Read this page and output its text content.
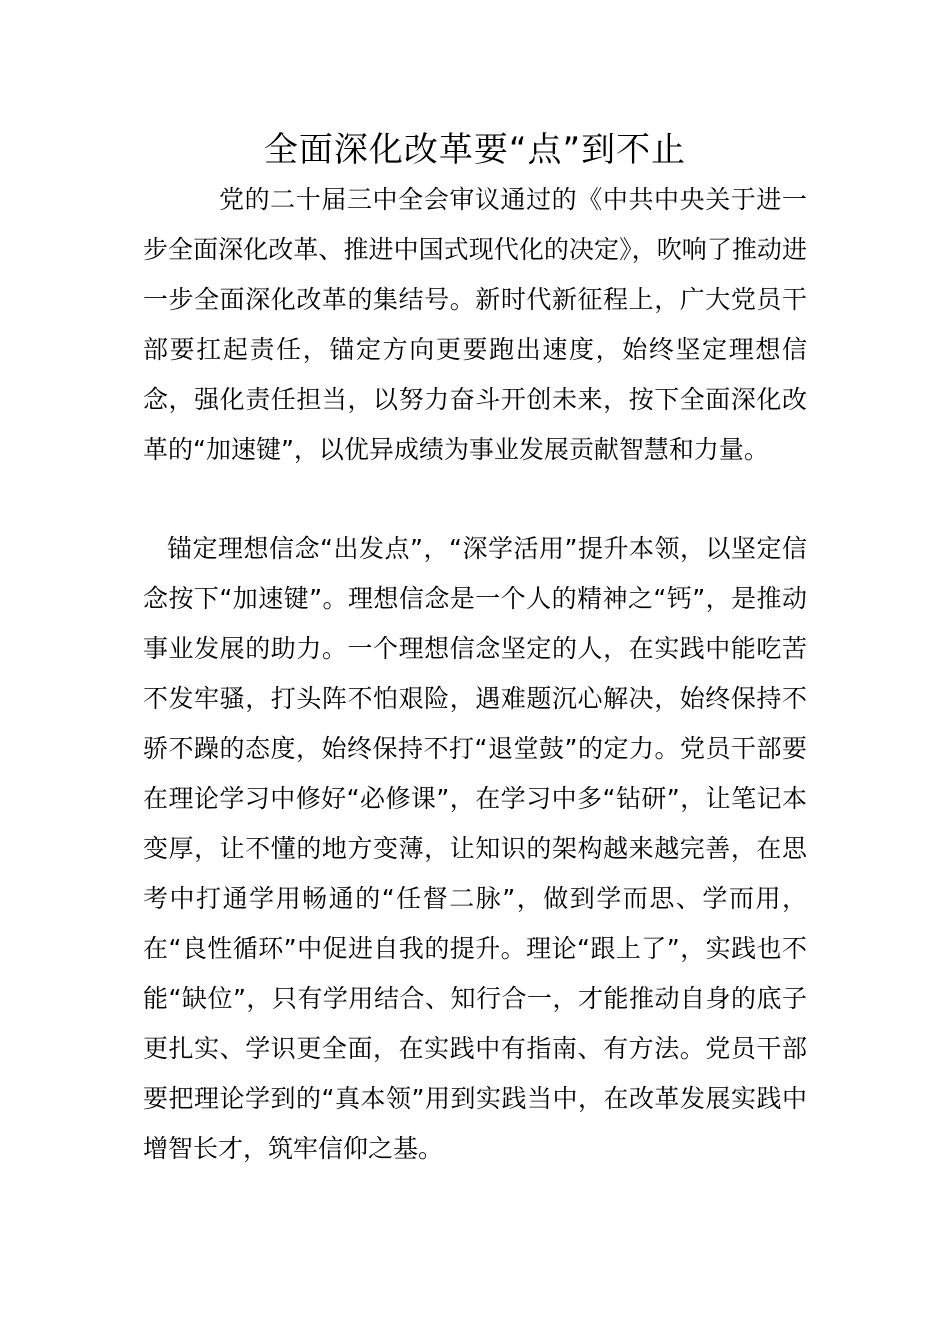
全面深化改革要“点”到不止

党的二十届三中全会审议通过的《中共中央关于进一步全面深化改革、推进中国式现代化的决定》，吹响了推动进一步全面深化改革的集结号。新时代新征程上，广大党员干部要扛起责任，锚定方向更要跑出速度，始终坚定理想信念，强化责任担当，以努力奋斗开创未来，按下全面深化改革的“加速键”，以优异成绩为事业发展贡献智慧和力量。

锚定理想信念“出发点”，“深学活用”提升本领，以坚定信念按下“加速键”。理想信念是一个人的精神之“钙”，是推动事业发展的助力。一个理想信念坚定的人，在实践中能吃苦不发牢骚，打头阵不怕艰险，遇难题沉心解决，始终保持不骄不躁的态度，始终保持不打“退堂鼓”的定力。党员干部要在理论学习中修好“必修课”，在学习中多“钻研”，让笔记本变厚，让不懂的地方变薄，让知识的架构越来越完善，在思考中打通学用畅通的“任督二脉”，做到学而思、学而用，在“良性循环”中促进自我的提升。理论“跟上了”，实践也不能“缺位”，只有学用结合、知行合一，才能推动自身的底子更扎实、学识更全面，在实践中有指南、有方法。党员干部要把理论学到的“真本领”用到实践当中，在改革发展实践中增智长才，筑牢信仰之基。
